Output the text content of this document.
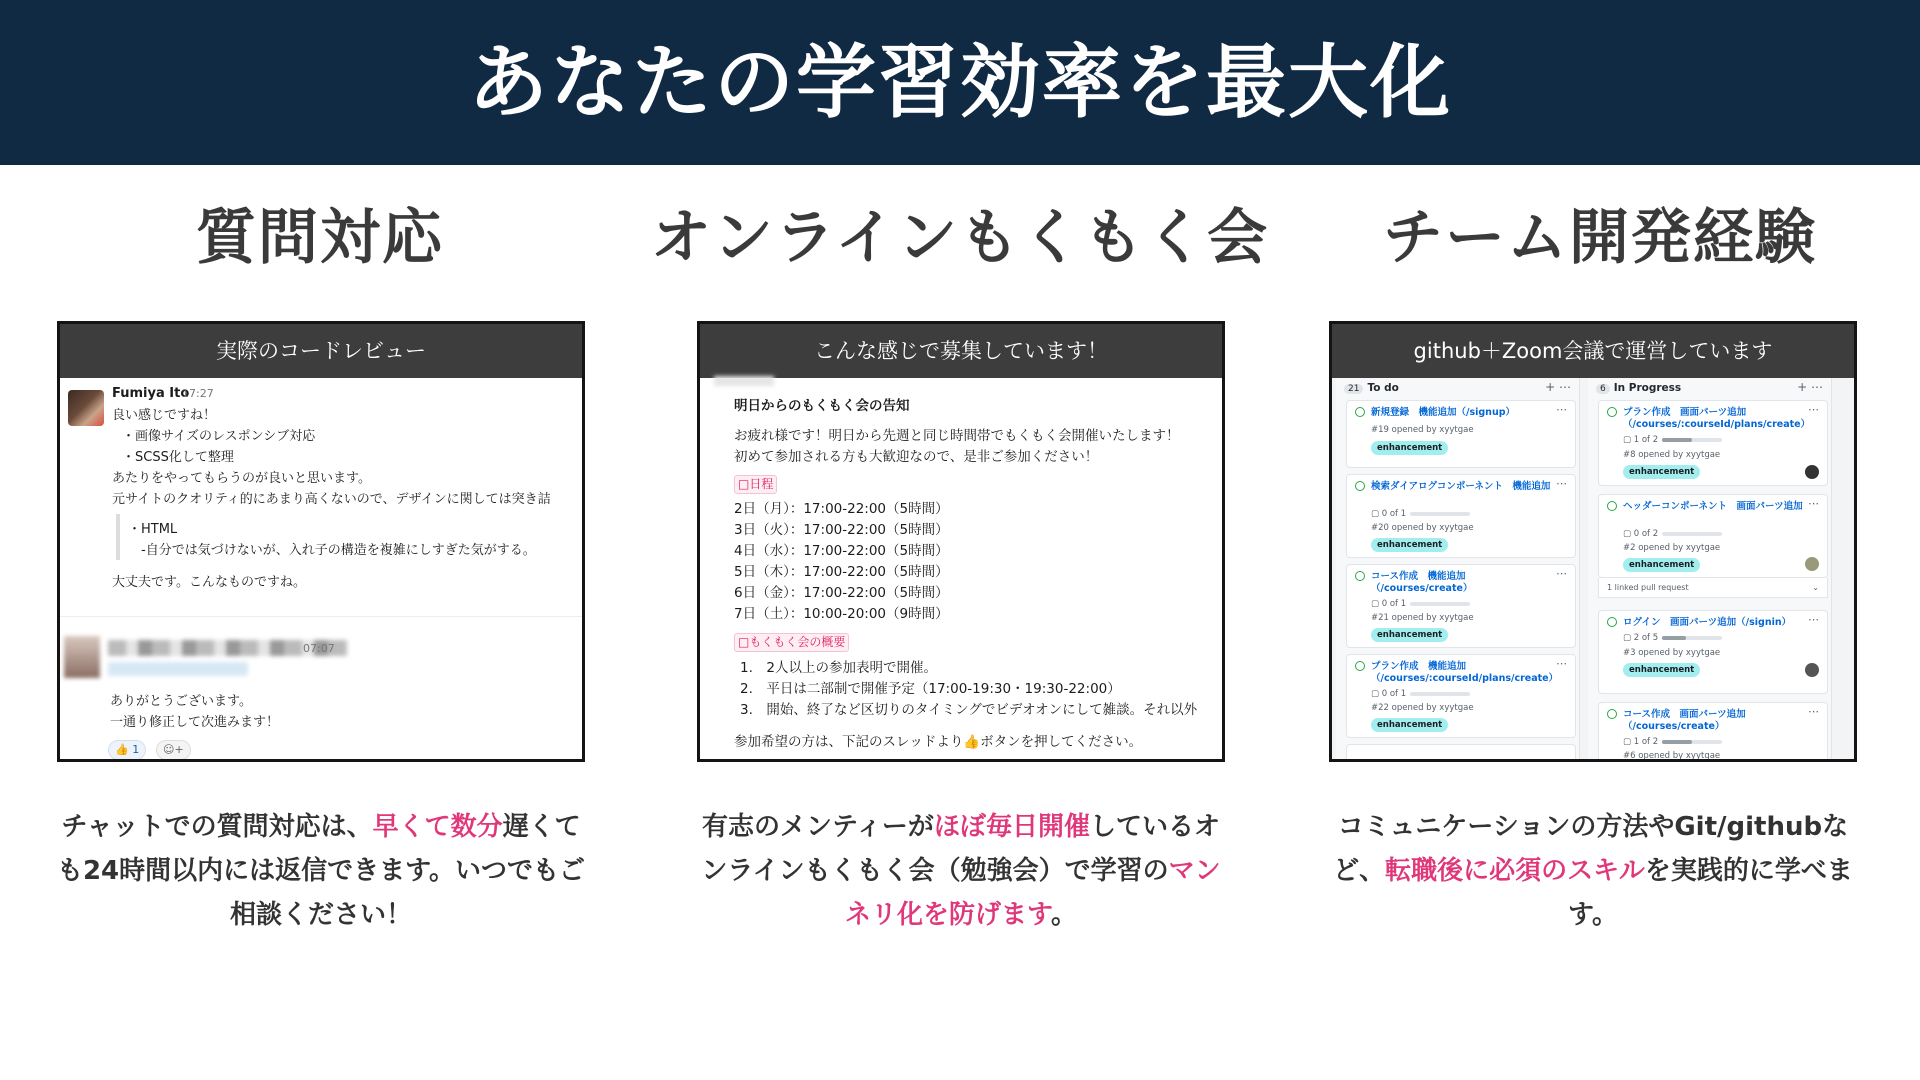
あなたの学習効率を最大化
質問対応	オンラインもくもく会	チーム開発経験
実際のコードレビュー
Fumiya Ito
17:27
良い感じですね！
・画像サイズのレスポンシブ対応
・SCSS化して整理
あたりをやってもらうのが良いと思います。
元サイトのクオリティ的にあまり高くないので、デザインに関しては突き詰
・HTML
　-自分では気づけないが、入れ子の構造を複雑にしすぎた気がする。
大丈夫です。こんなものですね。
07:07
ありがとうございます。
一通り修正して次進みます！
👍 1	☺+
こんな感じで募集しています！
明日からのもくもく会の告知
お疲れ様です！明日から先週と同じ時間帯でもくもく会開催いたします！
初めて参加される方も大歓迎なので、是非ご参加ください！
□日程
2日（月）：17:00-22:00（5時間）
3日（火）：17:00-22:00（5時間）
4日（水）：17:00-22:00（5時間）
5日（木）：17:00-22:00（5時間）
6日（金）：17:00-22:00（5時間）
7日（土）：10:00-20:00（9時間）
□もくもく会の概要
1.　2人以上の参加表明で開催。
2.　平日は二部制で開催予定（17:00-19:30・19:30-22:00）
3.　開始、終了など区切りのタイミングでビデオオンにして雑談。それ以外
参加希望の方は、下記のスレッドより👍ボタンを押してください。
github＋Zoom会議で運営しています
21 To do	+ ⋯
新規登録　機能追加（/signup）	⋯
#19 opened by xyytgae
enhancement
検索ダイアログコンポーネント　機能追加 ⋯
▢ 0 of 1
#20 opened by xyytgae
enhancement
コース作成　機能追加（/courses/create）
⋯
▢ 0 of 1
#21 opened by xyytgae
enhancement
プラン作成　機能追加（/courses/:courseId/plans/create）
⋯
▢ 0 of 1
#22 opened by xyytgae
enhancement
6 In Progress	+ ⋯
プラン作成　画面パーツ追加（/courses/:courseId/plans/create）
⋯
▢ 1 of 2
#8 opened by xyytgae
enhancement
ヘッダーコンポーネント　画面パーツ追加 ⋯
▢ 0 of 2
#2 opened by xyytgae
enhancement
1 linked pull request	⌄
ログイン　画面パーツ追加（/signin）	⋯
▢ 2 of 5
#3 opened by xyytgae
enhancement
コース作成　画面パーツ追加（/courses/create）
⋯
▢ 1 of 2
#6 opened by xyytgae
チャットでの質問対応は、早くて数分遅くても24時間以内には返信できます。いつでもご相談ください！
有志のメンティーがほぼ毎日開催しているオンラインもくもく会（勉強会）で学習のマンネリ化を防げます。
コミュニケーションの方法やGit/githubなど、転職後に必須のスキルを実践的に学べます。
